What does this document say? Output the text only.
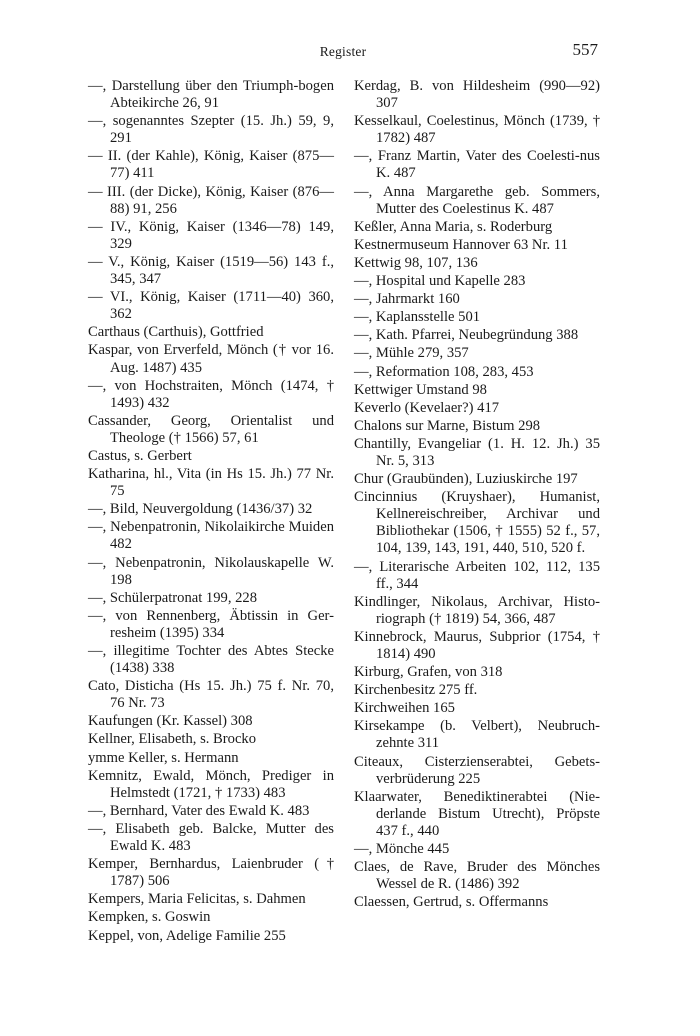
Register	557

—, Darstellung über den Triumph-bogen Abteikirche 26, 91

—, sogenanntes Szepter (15. Jh.) 59, 9, 291

— II. (der Kahle), König, Kaiser (875—77) 411

— III. (der Dicke), König, Kaiser (876—88) 91, 256

— IV., König, Kaiser (1346—78) 149, 329

— V., König, Kaiser (1519—56) 143 f., 345, 347

— VI., König, Kaiser (1711—40) 360, 362

Carthaus (Carthuis), Gottfried

Kaspar, von Erverfeld, Mönch († vor 16. Aug. 1487) 435

—, von Hochstraiten, Mönch (1474, † 1493) 432

Cassander, Georg, Orientalist und Theologe († 1566) 57, 61

Castus, s. Gerbert

Katharina, hl., Vita (in Hs 15. Jh.) 77 Nr. 75

—, Bild, Neuvergoldung (1436/37) 32

—, Nebenpatronin, Nikolaikirche Muiden 482

—, Nebenpatronin, Nikolauskapelle W. 198

—, Schülerpatronat 199, 228

—, von Rennenberg, Äbtissin in Ger-resheim (1395) 334

—, illegitime Tochter des Abtes Stecke (1438) 338

Cato, Disticha (Hs 15. Jh.) 75 f. Nr. 70, 76 Nr. 73

Kaufungen (Kr. Kassel) 308

Kellner, Elisabeth, s. Brocko

ymme Keller, s. Hermann

Kemnitz, Ewald, Mönch, Prediger in Helmstedt (1721, † 1733) 483

—, Bernhard, Vater des Ewald K. 483

—, Elisabeth geb. Balcke, Mutter des Ewald K. 483

Kemper, Bernhardus, Laienbruder († 1787) 506

Kempers, Maria Felicitas, s. Dahmen

Kempken, s. Goswin

Keppel, von, Adelige Familie 255

Kerdag, B. von Hildesheim (990—92) 307

Kesselkaul, Coelestinus, Mönch (1739, † 1782) 487

—, Franz Martin, Vater des Coelesti-nus K. 487

—, Anna Margarethe geb. Sommers, Mutter des Coelestinus K. 487

Keßler, Anna Maria, s. Roderburg

Kestnermuseum Hannover 63 Nr. 11

Kettwig 98, 107, 136

—, Hospital und Kapelle 283

—, Jahrmarkt 160

—, Kaplansstelle 501

—, Kath. Pfarrei, Neubegründung 388

—, Mühle 279, 357

—, Reformation 108, 283, 453

Kettwiger Umstand 98

Keverlo (Kevelaer?) 417

Chalons sur Marne, Bistum 298

Chantilly, Evangeliar (1. H. 12. Jh.) 35 Nr. 5, 313

Chur (Graubünden), Luziuskirche 197

Cincinnius (Kruyshaer), Humanist, Kellnereischreiber, Archivar und Bibliothekar (1506, † 1555) 52 f., 57, 104, 139, 143, 191, 440, 510, 520 f.

—, Literarische Arbeiten 102, 112, 135 ff., 344

Kindlinger, Nikolaus, Archivar, Histo-riograph († 1819) 54, 366, 487

Kinnebrock, Maurus, Subprior (1754, † 1814) 490

Kirburg, Grafen, von 318

Kirchenbesitz 275 ff.

Kirchweihen 165

Kirsekampe (b. Velbert), Neubruch-zehnte 311

Citeaux, Cisterzienserabtei, Gebets-verbrüderung 225

Klaarwater, Benediktinerabtei (Nie-derlande Bistum Utrecht), Pröpste 437 f., 440

—, Mönche 445

Claes, de Rave, Bruder des Mönches Wessel de R. (1486) 392

Claessen, Gertrud, s. Offermanns
